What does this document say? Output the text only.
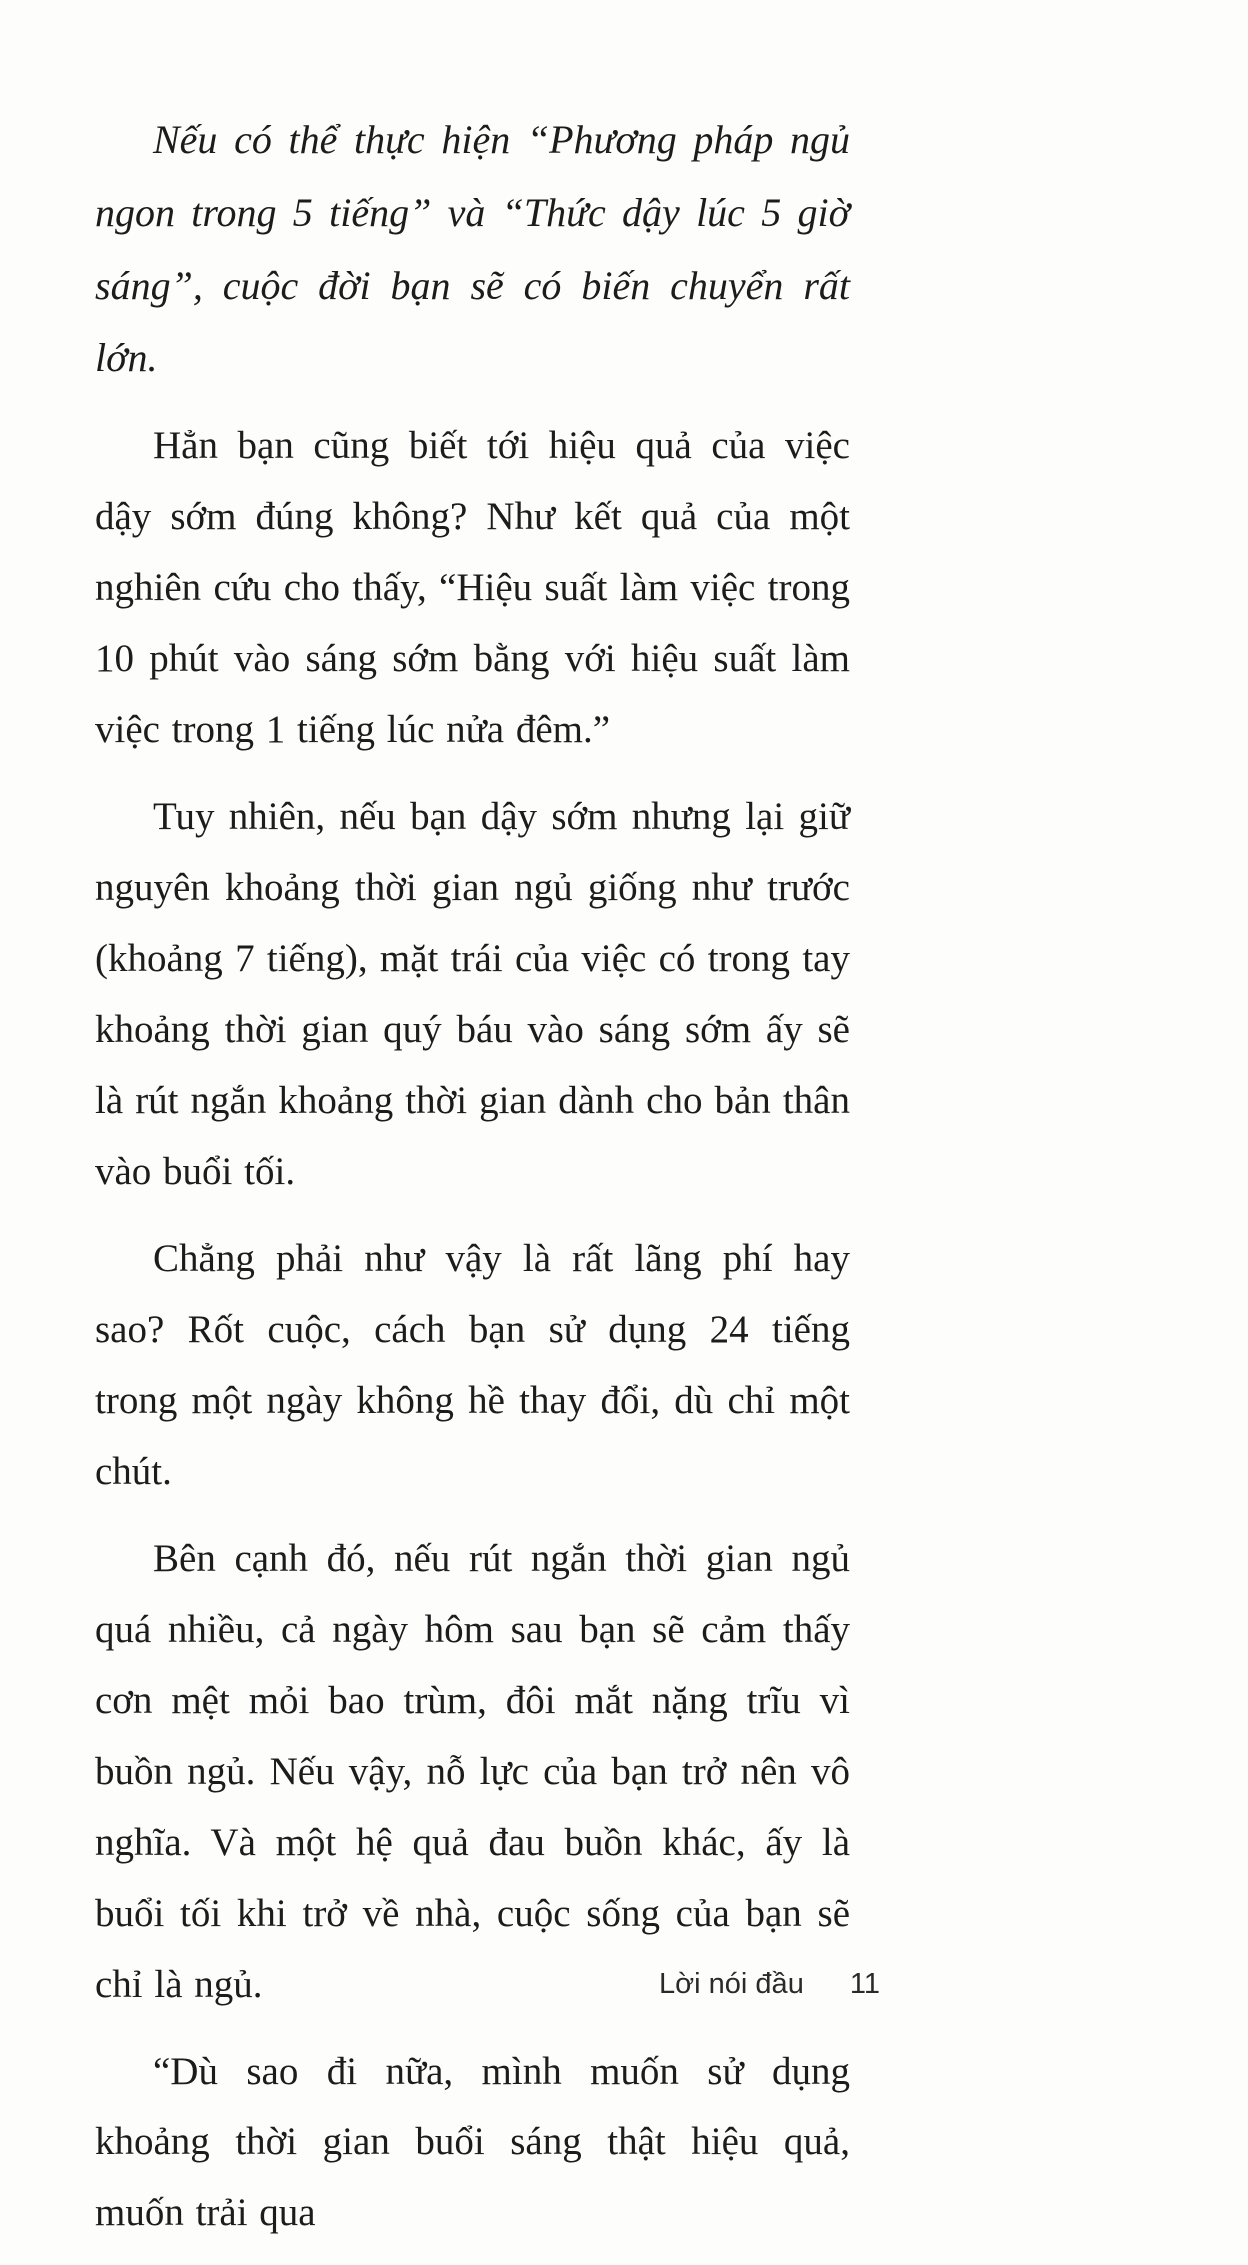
Nếu có thể thực hiện “Phương pháp ngủ ngon trong 5 tiếng” và “Thức dậy lúc 5 giờ sáng”, cuộc đời bạn sẽ có biến chuyển rất lớn.

Hẳn bạn cũng biết tới hiệu quả của việc dậy sớm đúng không? Như kết quả của một nghiên cứu cho thấy, “Hiệu suất làm việc trong 10 phút vào sáng sớm bằng với hiệu suất làm việc trong 1 tiếng lúc nửa đêm.”

Tuy nhiên, nếu bạn dậy sớm nhưng lại giữ nguyên khoảng thời gian ngủ giống như trước (khoảng 7 tiếng), mặt trái của việc có trong tay khoảng thời gian quý báu vào sáng sớm ấy sẽ là rút ngắn khoảng thời gian dành cho bản thân vào buổi tối.

Chẳng phải như vậy là rất lãng phí hay sao? Rốt cuộc, cách bạn sử dụng 24 tiếng trong một ngày không hề thay đổi, dù chỉ một chút.

Bên cạnh đó, nếu rút ngắn thời gian ngủ quá nhiều, cả ngày hôm sau bạn sẽ cảm thấy cơn mệt mỏi bao trùm, đôi mắt nặng trĩu vì buồn ngủ. Nếu vậy, nỗ lực của bạn trở nên vô nghĩa. Và một hệ quả đau buồn khác, ấy là buổi tối khi trở về nhà, cuộc sống của bạn sẽ chỉ là ngủ.

“Dù sao đi nữa, mình muốn sử dụng khoảng thời gian buổi sáng thật hiệu quả, muốn trải qua

Lời nói đầu 11
